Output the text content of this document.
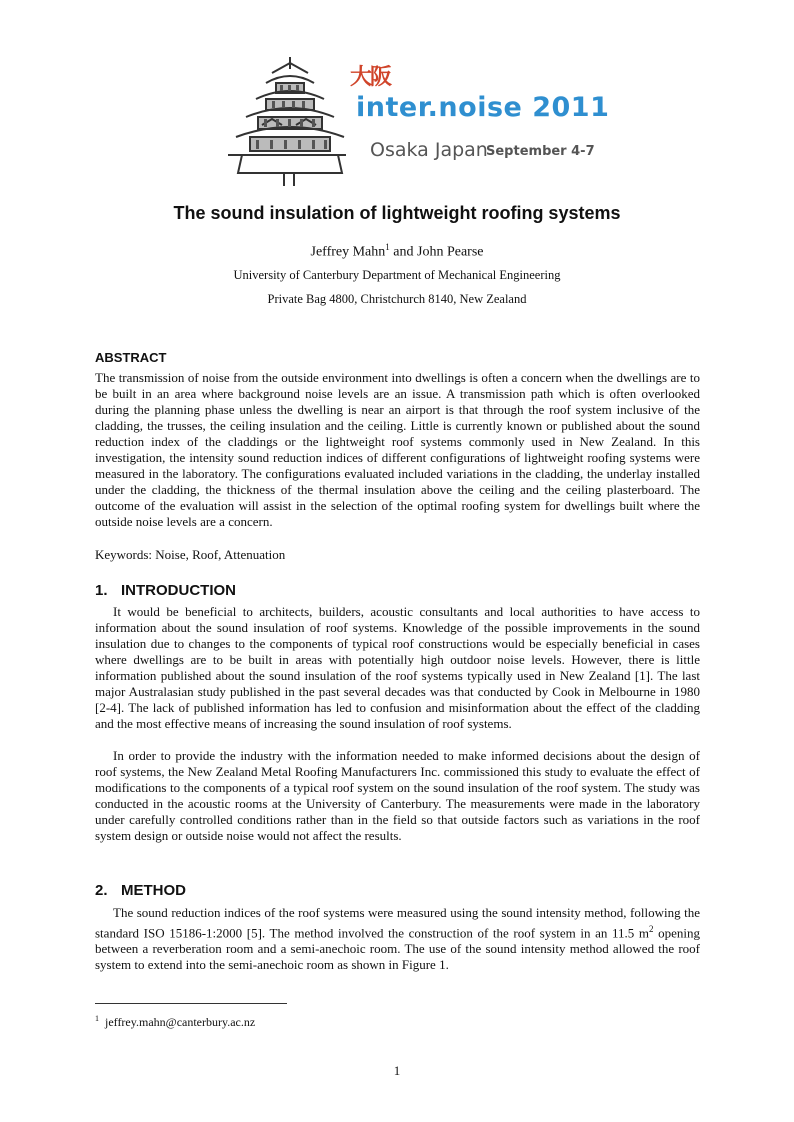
大阪
inter.noise 2011
Osaka Japan
September 4-7
The sound insulation of lightweight roofing systems
Jeffrey Mahn$^1$ and John Pearse
University of Canterbury Department of Mechanical Engineering
Private Bag 4800, Christchurch 8140, New Zealand
ABSTRACT

The transmission of noise from the outside environment into dwellings is often a concern when the dwellings are to be built in an area where background noise levels are an issue. A transmission path which is often overlooked during the planning phase unless the dwelling is near an airport is that through the roof system inclusive of the cladding, the trusses, the ceiling insulation and the ceiling. Little is currently known or published about the sound reduction index of the claddings or the lightweight roof systems commonly used in New Zealand. In this investigation, the intensity sound reduction indices of different configurations of lightweight roofing systems were measured in the laboratory. The configurations evaluated included variations in the cladding, the underlay installed under the cladding, the thickness of the thermal insulation above the ceiling and the ceiling plasterboard. The outcome of the evaluation will assist in the selection of the optimal roofing system for dwellings built where the outside noise levels are a concern.

Keywords: Noise, Roof, Attenuation

1. INTRODUCTION

It would be beneficial to architects, builders, acoustic consultants and local authorities to have access to information about the sound insulation of roof systems. Knowledge of the possible improvements in the sound insulation due to changes to the components of typical roof constructions would be especially beneficial in cases where dwellings are to be built in areas with potentially high outdoor noise levels. However, there is little information published about the sound insulation of the roof systems typically used in New Zealand [1]. The last major Australasian study published in the past several decades was that conducted by Cook in Melbourne in 1980 [2-4]. The lack of published information has led to confusion and misinformation about the effect of the cladding and the most effective means of increasing the sound insulation of roof systems.

In order to provide the industry with the information needed to make informed decisions about the design of roof systems, the New Zealand Metal Roofing Manufacturers Inc. commissioned this study to evaluate the effect of modifications to the components of a typical roof system on the sound insulation of the roof system. The study was conducted in the acoustic rooms at the University of Canterbury. The measurements were made in the laboratory under carefully controlled conditions rather than in the field so that outside factors such as variations in the roof system design or outside noise would not affect the results.

2. METHOD

The sound reduction indices of the roof systems were measured using the sound intensity method, following the standard ISO 15186-1:2000 [5]. The method involved the construction of the roof system in an 11.5 $m^2$ opening between a reverberation room and a semi-anechoic room. The use of the sound intensity method allowed the roof system to extend into the semi-anechoic room as shown in Figure 1.

$^1$ jeffrey.mahn@canterbury.ac.nz
1
